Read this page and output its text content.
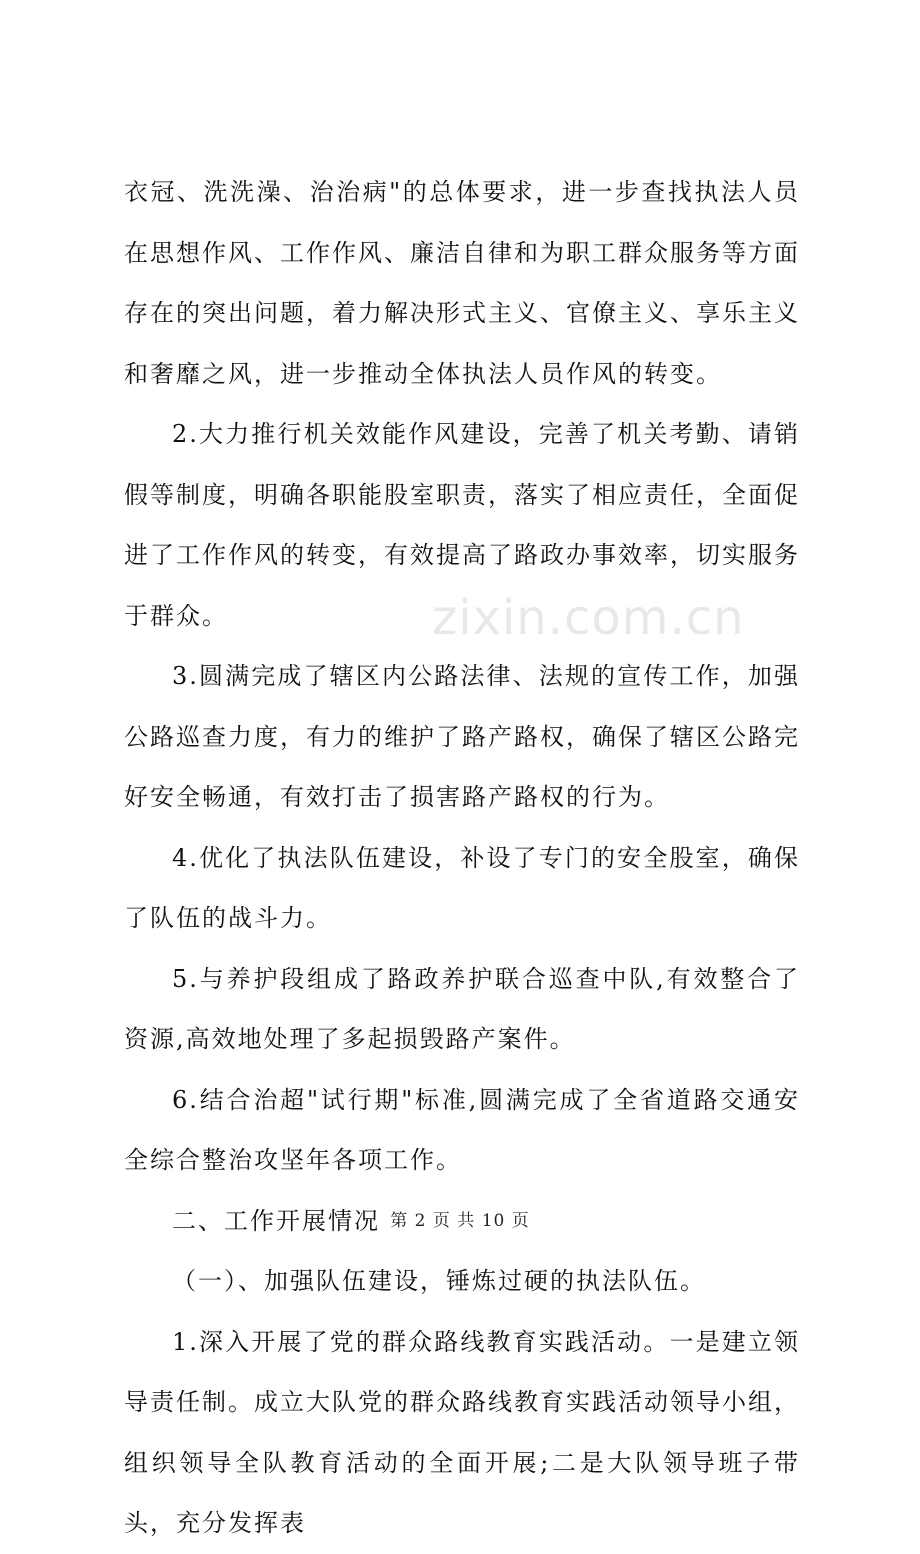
衣冠、洗洗澡、治治病"的总体要求，进一步查找执法人员在思想作风、工作作风、廉洁自律和为职工群众服务等方面存在的突出问题，着力解决形式主义、官僚主义、享乐主义和奢靡之风，进一步推动全体执法人员作风的转变。

2.大力推行机关效能作风建设，完善了机关考勤、请销假等制度，明确各职能股室职责，落实了相应责任，全面促进了工作作风的转变，有效提高了路政办事效率，切实服务于群众。

3.圆满完成了辖区内公路法律、法规的宣传工作，加强公路巡查力度，有力的维护了路产路权，确保了辖区公路完好安全畅通，有效打击了损害路产路权的行为。

4.优化了执法队伍建设，补设了专门的安全股室，确保了队伍的战斗力。

5.与养护段组成了路政养护联合巡查中队,有效整合了资源,高效地处理了多起损毁路产案件。

6.结合治超"试行期"标准,圆满完成了全省道路交通安全综合整治攻坚年各项工作。

二、工作开展情况

（一）、加强队伍建设，锤炼过硬的执法队伍。

1.深入开展了党的群众路线教育实践活动。一是建立领导责任制。成立大队党的群众路线教育实践活动领导小组，组织领导全队教育活动的全面开展;二是大队领导班子带头，充分发挥表

zixin.com.cn
第 2 页 共 10 页
